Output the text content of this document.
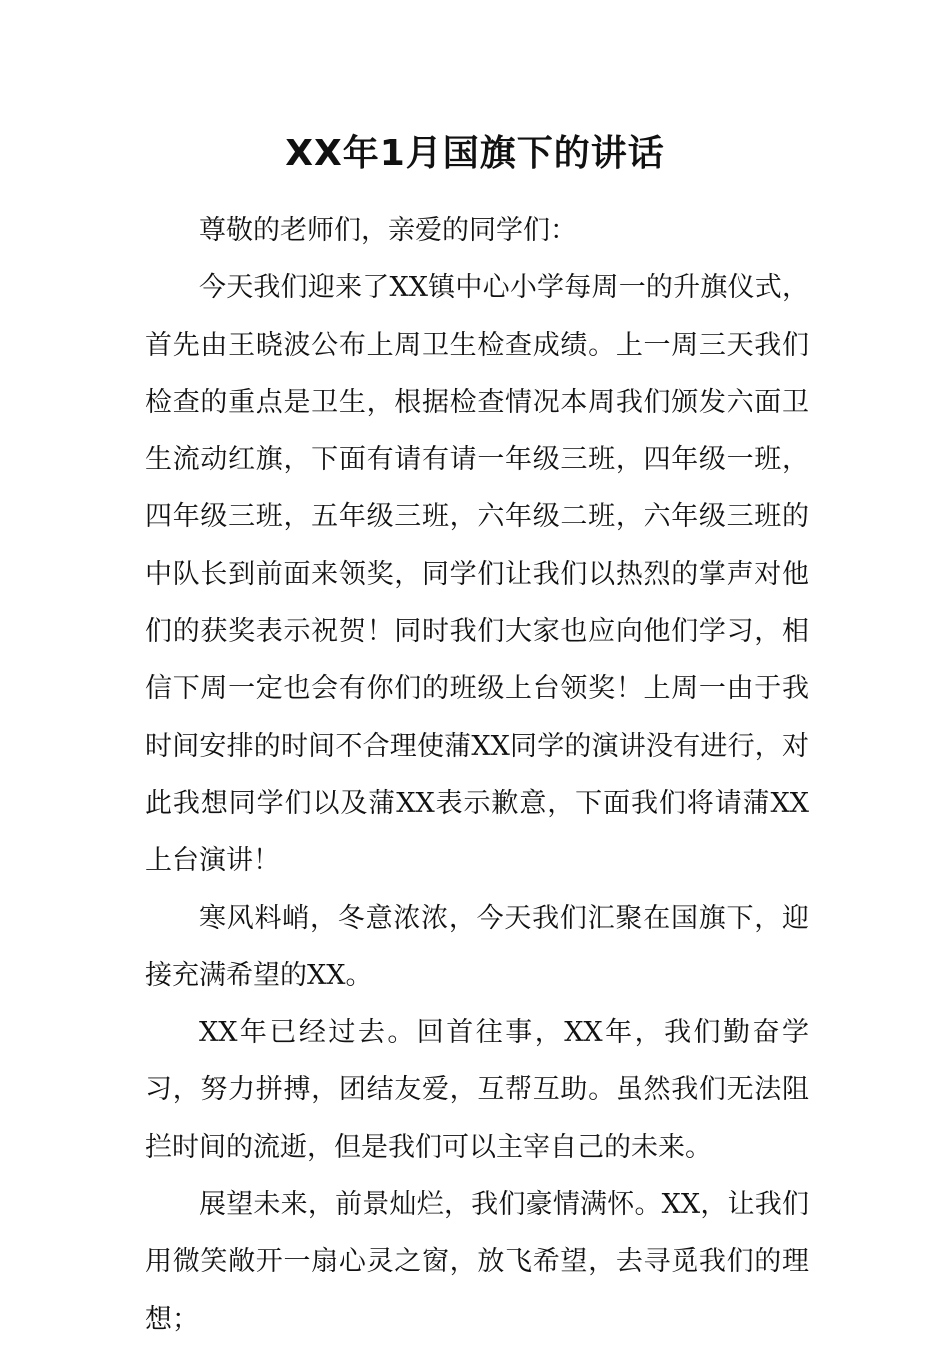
XX年1月国旗下的讲话

尊敬的老师们，亲爱的同学们：

今天我们迎来了XX镇中心小学每周一的升旗仪式，首先由王晓波公布上周卫生检查成绩。上一周三天我们检查的重点是卫生，根据检查情况本周我们颁发六面卫生流动红旗，下面有请有请一年级三班，四年级一班，四年级三班，五年级三班，六年级二班，六年级三班的中队长到前面来领奖，同学们让我们以热烈的掌声对他们的获奖表示祝贺！同时我们大家也应向他们学习，相信下周一定也会有你们的班级上台领奖！上周一由于我时间安排的时间不合理使蒲XX同学的演讲没有进行，对此我想同学们以及蒲XX表示歉意，下面我们将请蒲XX上台演讲！

寒风料峭，冬意浓浓，今天我们汇聚在国旗下，迎接充满希望的XX。

XX年已经过去。回首往事，XX年，我们勤奋学习，努力拼搏，团结友爱，互帮互助。虽然我们无法阻拦时间的流逝，但是我们可以主宰自己的未来。

展望未来，前景灿烂，我们豪情满怀。XX，让我们用微笑敞开一扇心灵之窗，放飞希望，去寻觅我们的理想；
